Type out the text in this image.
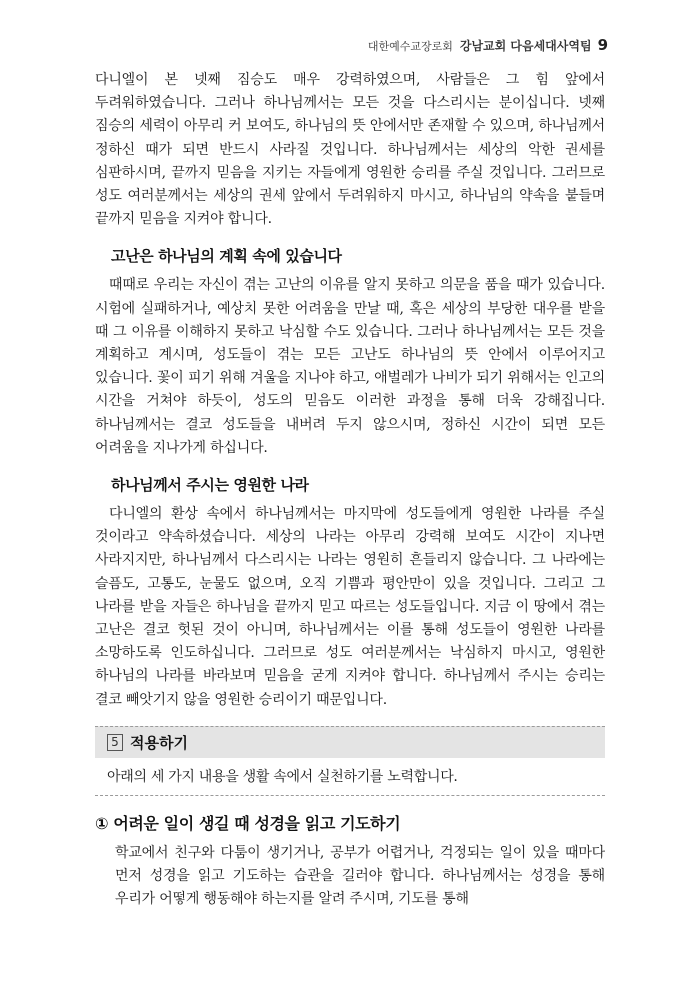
대한예수교장로회 강남교회 다음세대사역팀 9

다니엘이 본 넷째 짐승도 매우 강력하였으며, 사람들은 그 힘 앞에서 두려워하였습니다. 그러나 하나님께서는 모든 것을 다스리시는 분이십니다. 넷째 짐승의 세력이 아무리 커 보여도, 하나님의 뜻 안에서만 존재할 수 있으며, 하나님께서 정하신 때가 되면 반드시 사라질 것입니다. 하나님께서는 세상의 악한 권세를 심판하시며, 끝까지 믿음을 지키는 자들에게 영원한 승리를 주실 것입니다. 그러므로 성도 여러분께서는 세상의 권세 앞에서 두려워하지 마시고, 하나님의 약속을 붙들며 끝까지 믿음을 지켜야 합니다.

고난은 하나님의 계획 속에 있습니다

때때로 우리는 자신이 겪는 고난의 이유를 알지 못하고 의문을 품을 때가 있습니다. 시험에 실패하거나, 예상치 못한 어려움을 만날 때, 혹은 세상의 부당한 대우를 받을 때 그 이유를 이해하지 못하고 낙심할 수도 있습니다. 그러나 하나님께서는 모든 것을 계획하고 계시며, 성도들이 겪는 모든 고난도 하나님의 뜻 안에서 이루어지고 있습니다. 꽃이 피기 위해 겨울을 지나야 하고, 애벌레가 나비가 되기 위해서는 인고의 시간을 거쳐야 하듯이, 성도의 믿음도 이러한 과정을 통해 더욱 강해집니다. 하나님께서는 결코 성도들을 내버려 두지 않으시며, 정하신 시간이 되면 모든 어려움을 지나가게 하십니다.

하나님께서 주시는 영원한 나라

다니엘의 환상 속에서 하나님께서는 마지막에 성도들에게 영원한 나라를 주실 것이라고 약속하셨습니다. 세상의 나라는 아무리 강력해 보여도 시간이 지나면 사라지지만, 하나님께서 다스리시는 나라는 영원히 흔들리지 않습니다. 그 나라에는 슬픔도, 고통도, 눈물도 없으며, 오직 기쁨과 평안만이 있을 것입니다. 그리고 그 나라를 받을 자들은 하나님을 끝까지 믿고 따르는 성도들입니다. 지금 이 땅에서 겪는 고난은 결코 헛된 것이 아니며, 하나님께서는 이를 통해 성도들이 영원한 나라를 소망하도록 인도하십니다. 그러므로 성도 여러분께서는 낙심하지 마시고, 영원한 하나님의 나라를 바라보며 믿음을 굳게 지켜야 합니다. 하나님께서 주시는 승리는 결코 빼앗기지 않을 영원한 승리이기 때문입니다.

5 적용하기
아래의 세 가지 내용을 생활 속에서 실천하기를 노력합니다.
① 어려운 일이 생길 때 성경을 읽고 기도하기

학교에서 친구와 다툼이 생기거나, 공부가 어렵거나, 걱정되는 일이 있을 때마다 먼저 성경을 읽고 기도하는 습관을 길러야 합니다. 하나님께서는 성경을 통해 우리가 어떻게 행동해야 하는지를 알려 주시며, 기도를 통해
